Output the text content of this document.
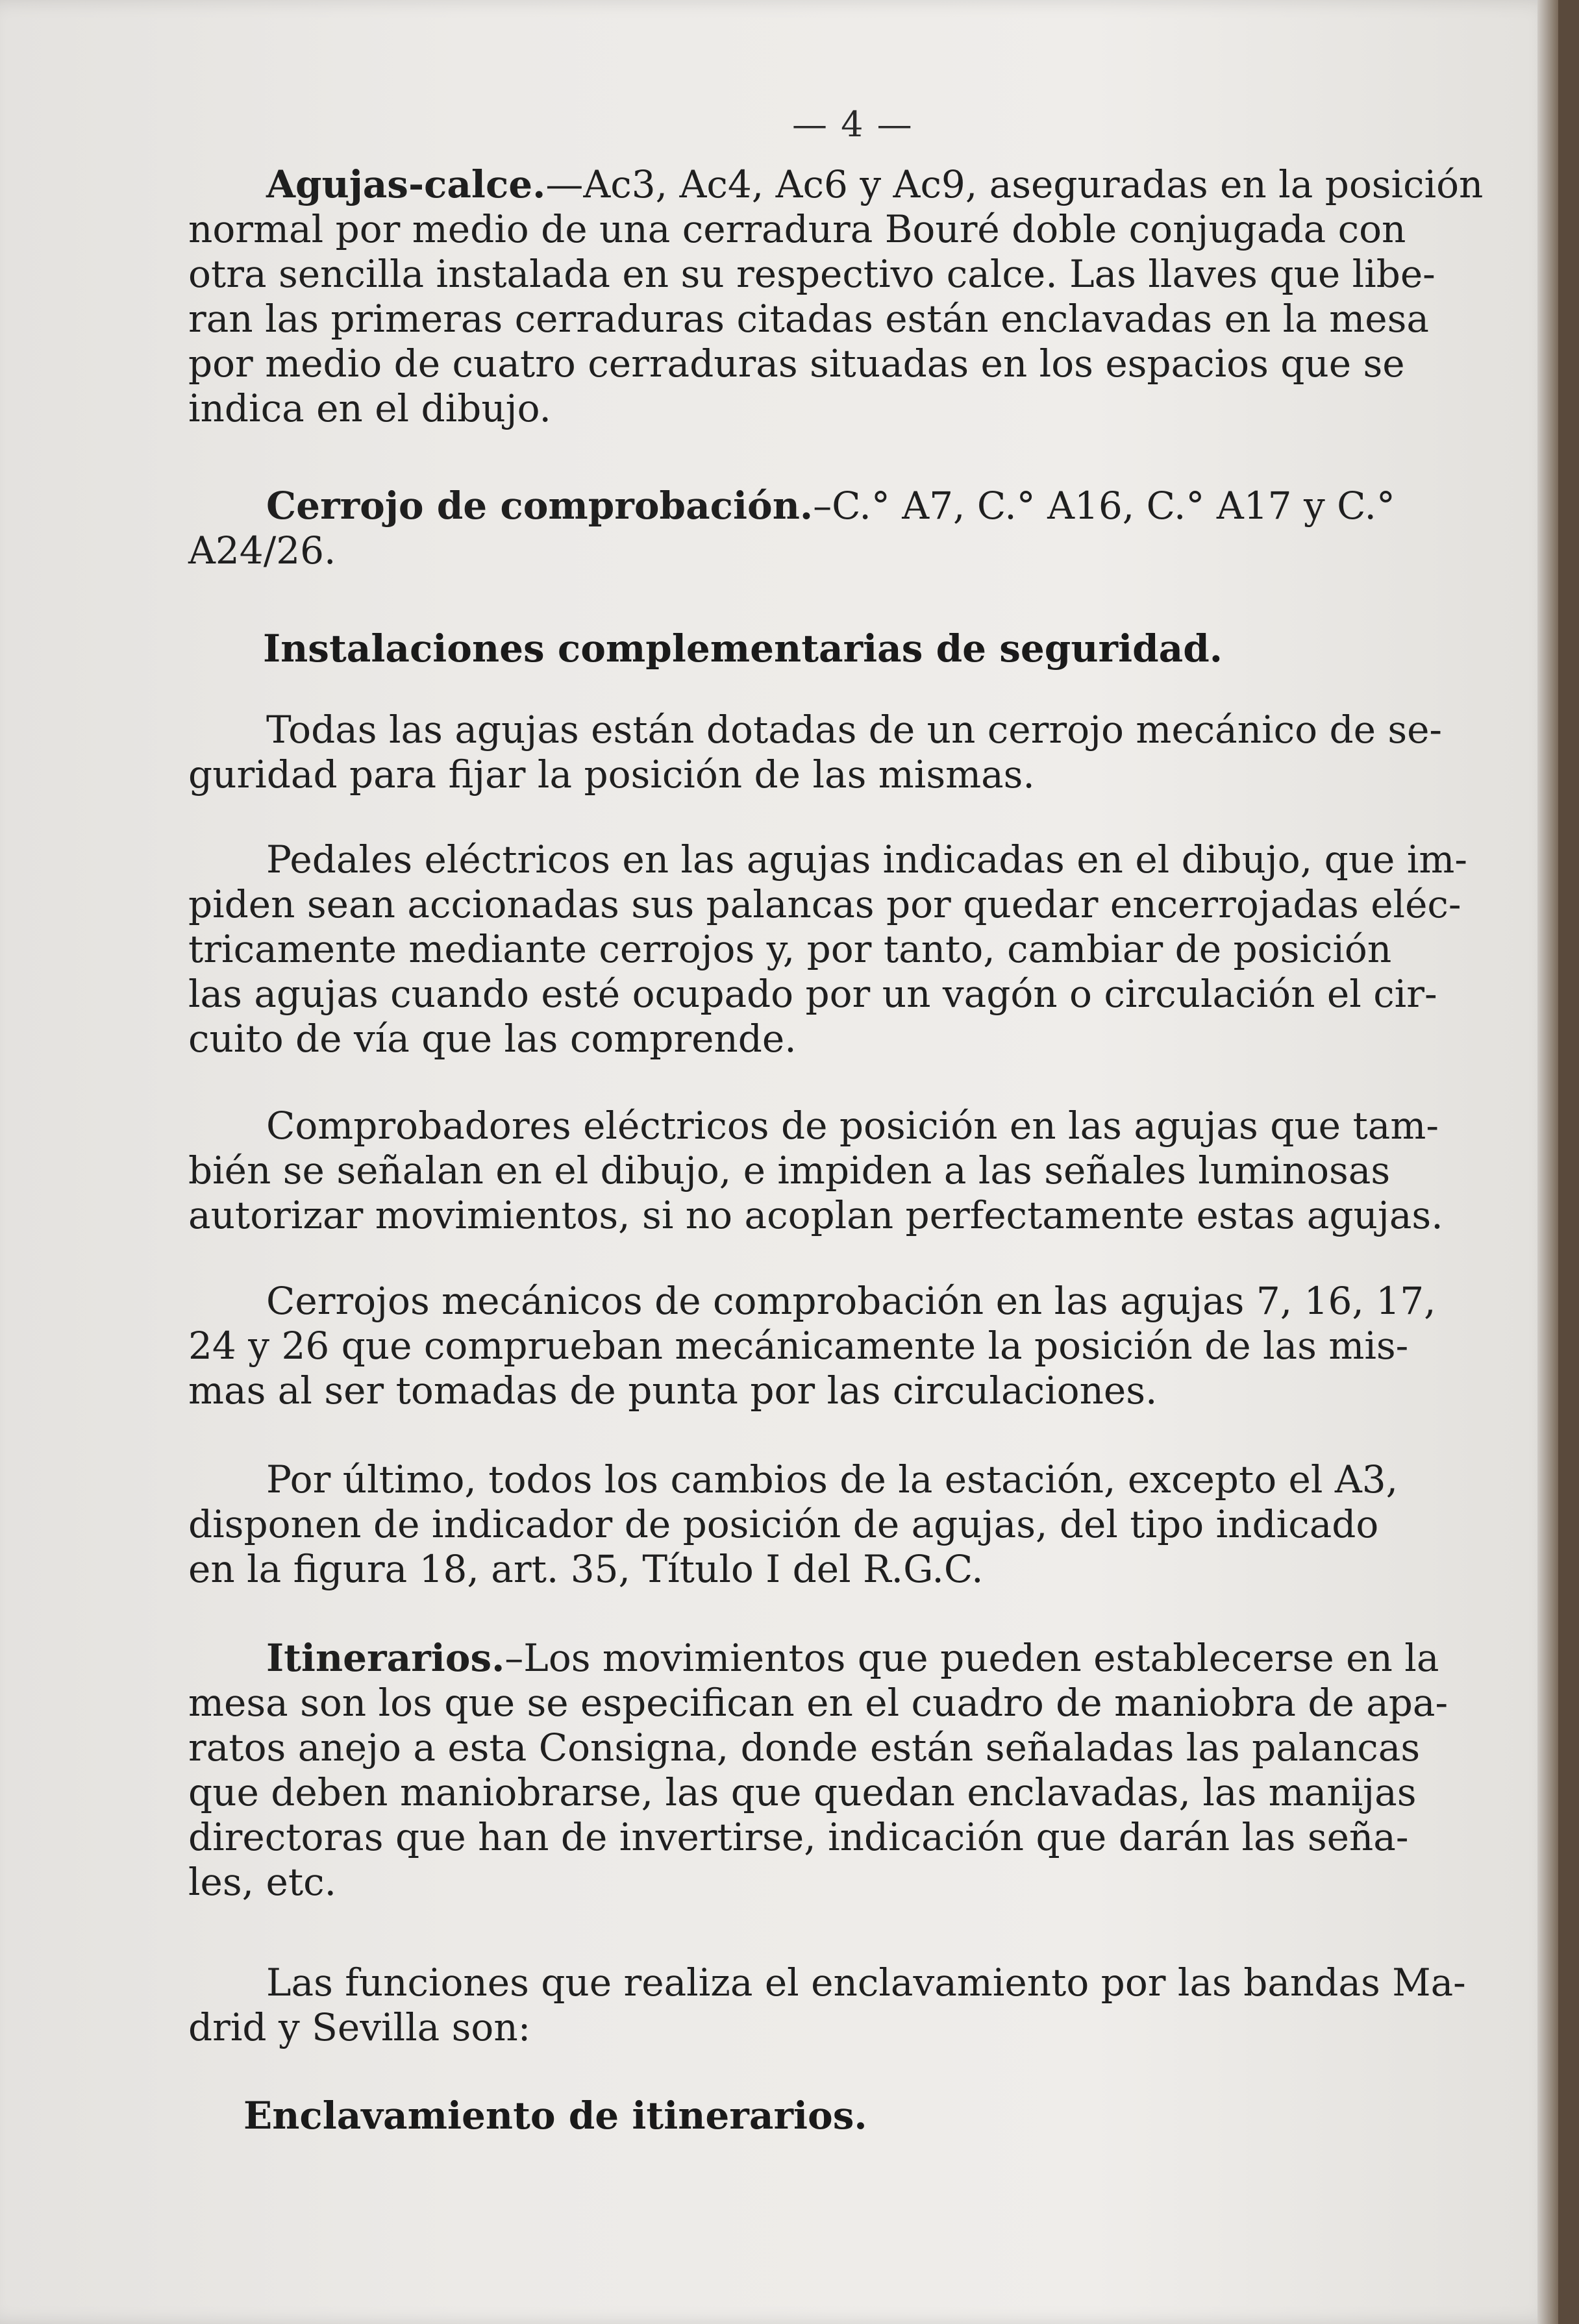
— 4 —
Agujas-calce.—Ac3, Ac4, Ac6 y Ac9, aseguradas en la posición
normal por medio de una cerradura Bouré doble conjugada con
otra sencilla instalada en su respectivo calce. Las llaves que libe-
ran las primeras cerraduras citadas están enclavadas en la mesa
por medio de cuatro cerraduras situadas en los espacios que se
indica en el dibujo.
Cerrojo de comprobación.–C.° A7, C.° A16, C.° A17 y C.°
A24/26.
Instalaciones complementarias de seguridad.
Todas las agujas están dotadas de un cerrojo mecánico de se-
guridad para fijar la posición de las mismas.
Pedales eléctricos en las agujas indicadas en el dibujo, que im-
piden sean accionadas sus palancas por quedar encerrojadas eléc-
tricamente mediante cerrojos y, por tanto, cambiar de posición
las agujas cuando esté ocupado por un vagón o circulación el cir-
cuito de vía que las comprende.
Comprobadores eléctricos de posición en las agujas que tam-
bién se señalan en el dibujo, e impiden a las señales luminosas
autorizar movimientos, si no acoplan perfectamente estas agujas.
Cerrojos mecánicos de comprobación en las agujas 7, 16, 17,
24 y 26 que comprueban mecánicamente la posición de las mis-
mas al ser tomadas de punta por las circulaciones.
Por último, todos los cambios de la estación, excepto el A3,
disponen de indicador de posición de agujas, del tipo indicado
en la figura 18, art. 35, Título I del R.G.C.
Itinerarios.–Los movimientos que pueden establecerse en la
mesa son los que se especifican en el cuadro de maniobra de apa-
ratos anejo a esta Consigna, donde están señaladas las palancas
que deben maniobrarse, las que quedan enclavadas, las manijas
directoras que han de invertirse, indicación que darán las seña-
les, etc.
Las funciones que realiza el enclavamiento por las bandas Ma-
drid y Sevilla son:
Enclavamiento de itinerarios.
